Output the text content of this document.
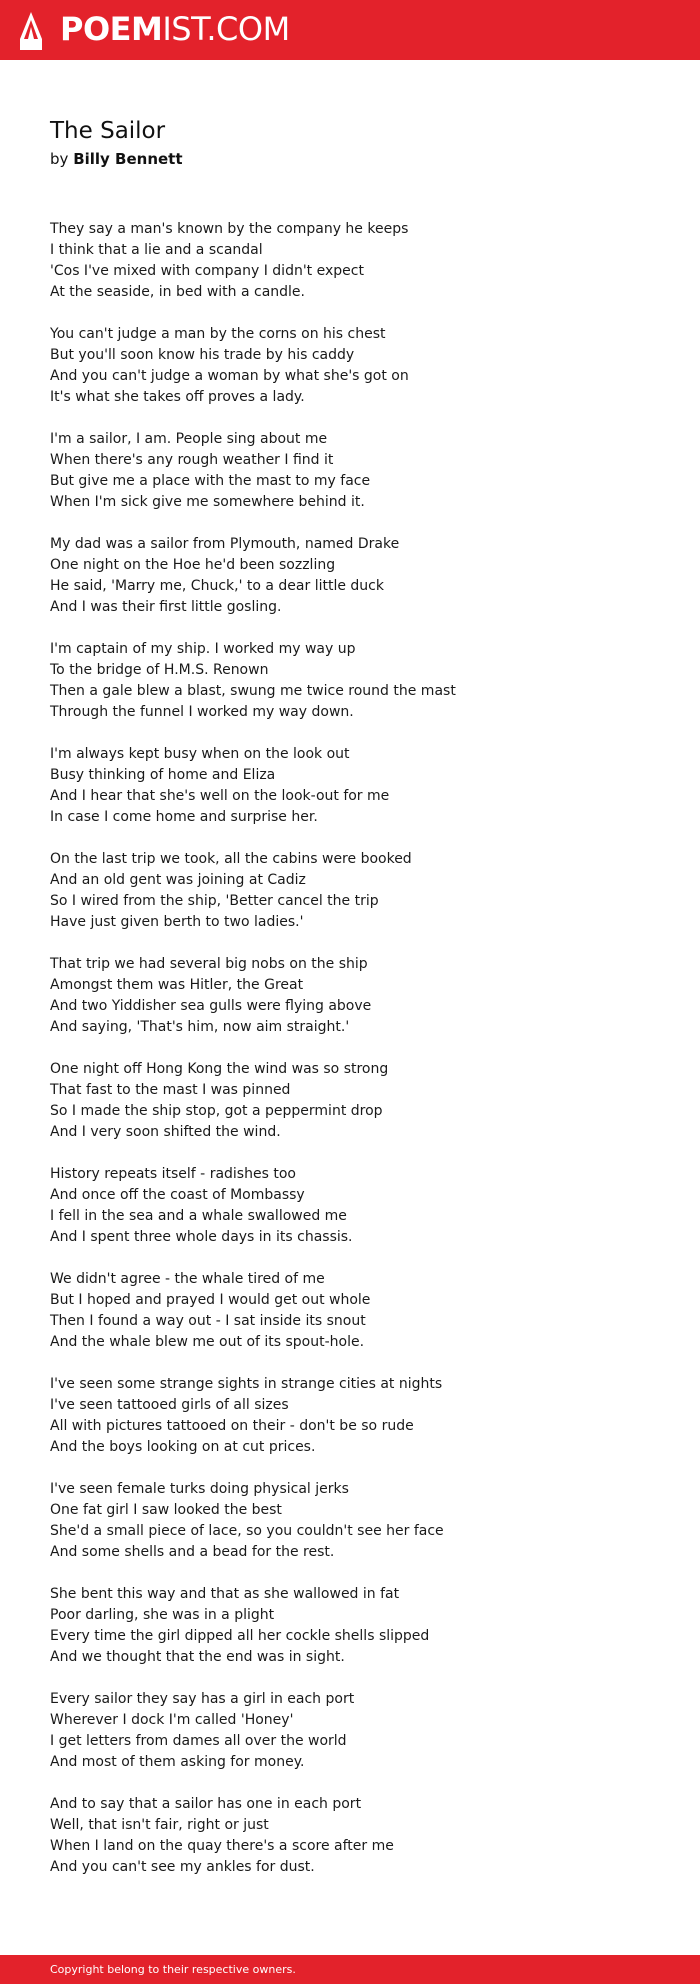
POEMIST.COM
The Sailor
by Billy Bennett
They say a man's known by the company he keeps
I think that a lie and a scandal
'Cos I've mixed with company I didn't expect
At the seaside, in bed with a candle.
You can't judge a man by the corns on his chest
But you'll soon know his trade by his caddy
And you can't judge a woman by what she's got on
It's what she takes off proves a lady.
I'm a sailor, I am. People sing about me
When there's any rough weather I find it
But give me a place with the mast to my face
When I'm sick give me somewhere behind it.
My dad was a sailor from Plymouth, named Drake
One night on the Hoe he'd been sozzling
He said, 'Marry me, Chuck,' to a dear little duck
And I was their first little gosling.
I'm captain of my ship. I worked my way up
To the bridge of H.M.S. Renown
Then a gale blew a blast, swung me twice round the mast
Through the funnel I worked my way down.
I'm always kept busy when on the look out
Busy thinking of home and Eliza
And I hear that she's well on the look-out for me
In case I come home and surprise her.
On the last trip we took, all the cabins were booked
And an old gent was joining at Cadiz
So I wired from the ship, 'Better cancel the trip
Have just given berth to two ladies.'
That trip we had several big nobs on the ship
Amongst them was Hitler, the Great
And two Yiddisher sea gulls were flying above
And saying, 'That's him, now aim straight.'
One night off Hong Kong the wind was so strong
That fast to the mast I was pinned
So I made the ship stop, got a peppermint drop
And I very soon shifted the wind.
History repeats itself - radishes too
And once off the coast of Mombassy
I fell in the sea and a whale swallowed me
And I spent three whole days in its chassis.
We didn't agree - the whale tired of me
But I hoped and prayed I would get out whole
Then I found a way out - I sat inside its snout
And the whale blew me out of its spout-hole.
I've seen some strange sights in strange cities at nights
I've seen tattooed girls of all sizes
All with pictures tattooed on their - don't be so rude
And the boys looking on at cut prices.
I've seen female turks doing physical jerks
One fat girl I saw looked the best
She'd a small piece of lace, so you couldn't see her face
And some shells and a bead for the rest.
She bent this way and that as she wallowed in fat
Poor darling, she was in a plight
Every time the girl dipped all her cockle shells slipped
And we thought that the end was in sight.
Every sailor they say has a girl in each port
Wherever I dock I'm called 'Honey'
I get letters from dames all over the world
And most of them asking for money.
And to say that a sailor has one in each port
Well, that isn't fair, right or just
When I land on the quay there's a score after me
And you can't see my ankles for dust.
Copyright belong to their respective owners.
